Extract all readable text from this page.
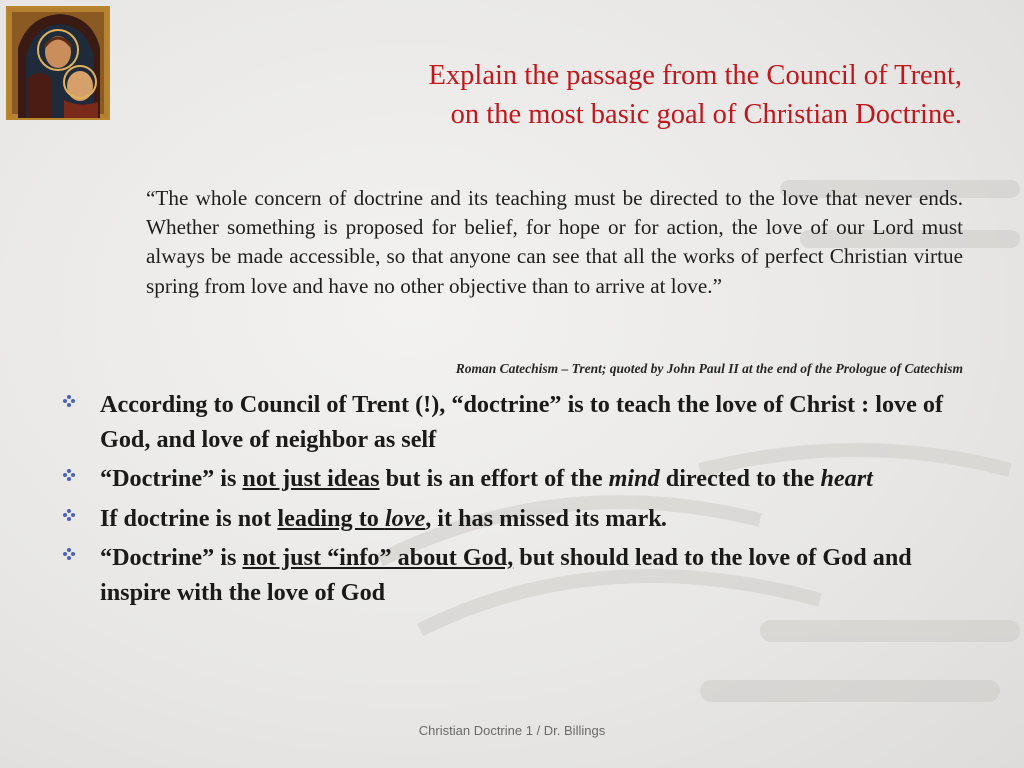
Explain the passage from the Council of Trent,
on the most basic goal of Christian Doctrine.

“The whole concern of doctrine and its teaching must be directed to the love that never ends. Whether something is proposed for belief, for hope or for action, the love of our Lord must always be made accessible, so that anyone can see that all the works of perfect Christian virtue spring from love and have no other objective than to arrive at love.”

Roman Catechism – Trent; quoted by John Paul II at the end of the Prologue of Catechism
According to Council of Trent (!), “doctrine” is to teach the love of Christ : love of God, and love of neighbor as self
“Doctrine” is not just ideas but is an effort of the mind directed to the heart
If doctrine is not leading to love, it has missed its mark.
“Doctrine” is not just “info” about God, but should lead to the love of God and inspire with the love of God
Christian Doctrine 1 / Dr. Billings
